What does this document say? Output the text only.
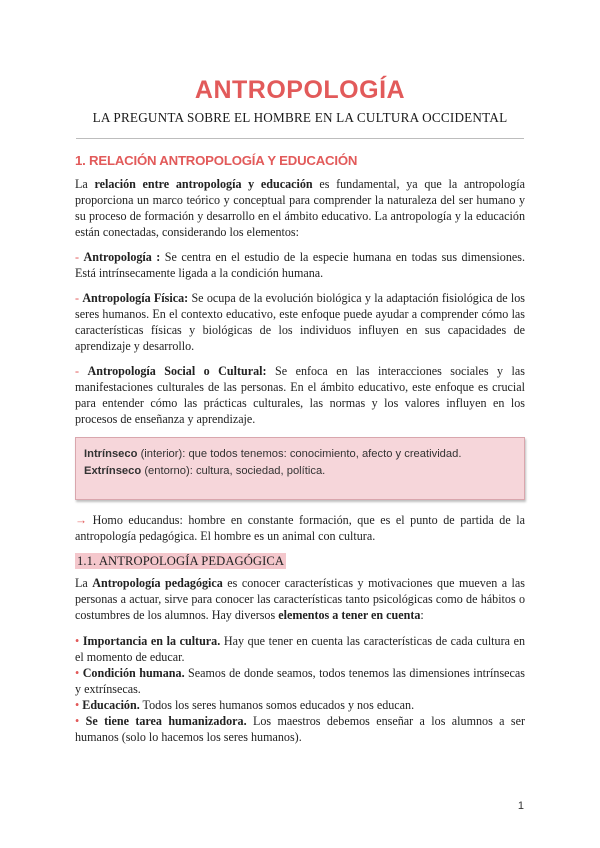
ANTROPOLOGÍA
LA PREGUNTA SOBRE EL HOMBRE EN LA CULTURA OCCIDENTAL
1. RELACIÓN ANTROPOLOGÍA Y EDUCACIÓN

La relación entre antropología y educación es fundamental, ya que la antropología proporciona un marco teórico y conceptual para comprender la naturaleza del ser humano y su proceso de formación y desarrollo en el ámbito educativo. La antropología y la educación están conectadas, considerando los elementos:

- Antropología : Se centra en el estudio de la especie humana en todas sus dimensiones. Está intrínsecamente ligada a la condición humana.

- Antropología Física: Se ocupa de la evolución biológica y la adaptación fisiológica de los seres humanos. En el contexto educativo, este enfoque puede ayudar a comprender cómo las características físicas y biológicas de los individuos influyen en sus capacidades de aprendizaje y desarrollo.

- Antropología Social o Cultural: Se enfoca en las interacciones sociales y las manifestaciones culturales de las personas. En el ámbito educativo, este enfoque es crucial para entender cómo las prácticas culturales, las normas y los valores influyen en los procesos de enseñanza y aprendizaje.

Intrínseco (interior): que todos tenemos: conocimiento, afecto y creatividad.
Extrínseco (entorno): cultura, sociedad, política.

→ Homo educandus: hombre en constante formación, que es el punto de partida de la antropología pedagógica. El hombre es un animal con cultura.

1.1. ANTROPOLOGÍA PEDAGÓGICA

La Antropología pedagógica es conocer características y motivaciones que mueven a las personas a actuar, sirve para conocer las características tanto psicológicas como de hábitos o costumbres de los alumnos. Hay diversos elementos a tener en cuenta:

• Importancia en la cultura. Hay que tener en cuenta las características de cada cultura en el momento de educar.
• Condición humana. Seamos de donde seamos, todos tenemos las dimensiones intrínsecas y extrínsecas.
• Educación. Todos los seres humanos somos educados y nos educan.
• Se tiene tarea humanizadora. Los maestros debemos enseñar a los alumnos a ser humanos (solo lo hacemos los seres humanos).
1
